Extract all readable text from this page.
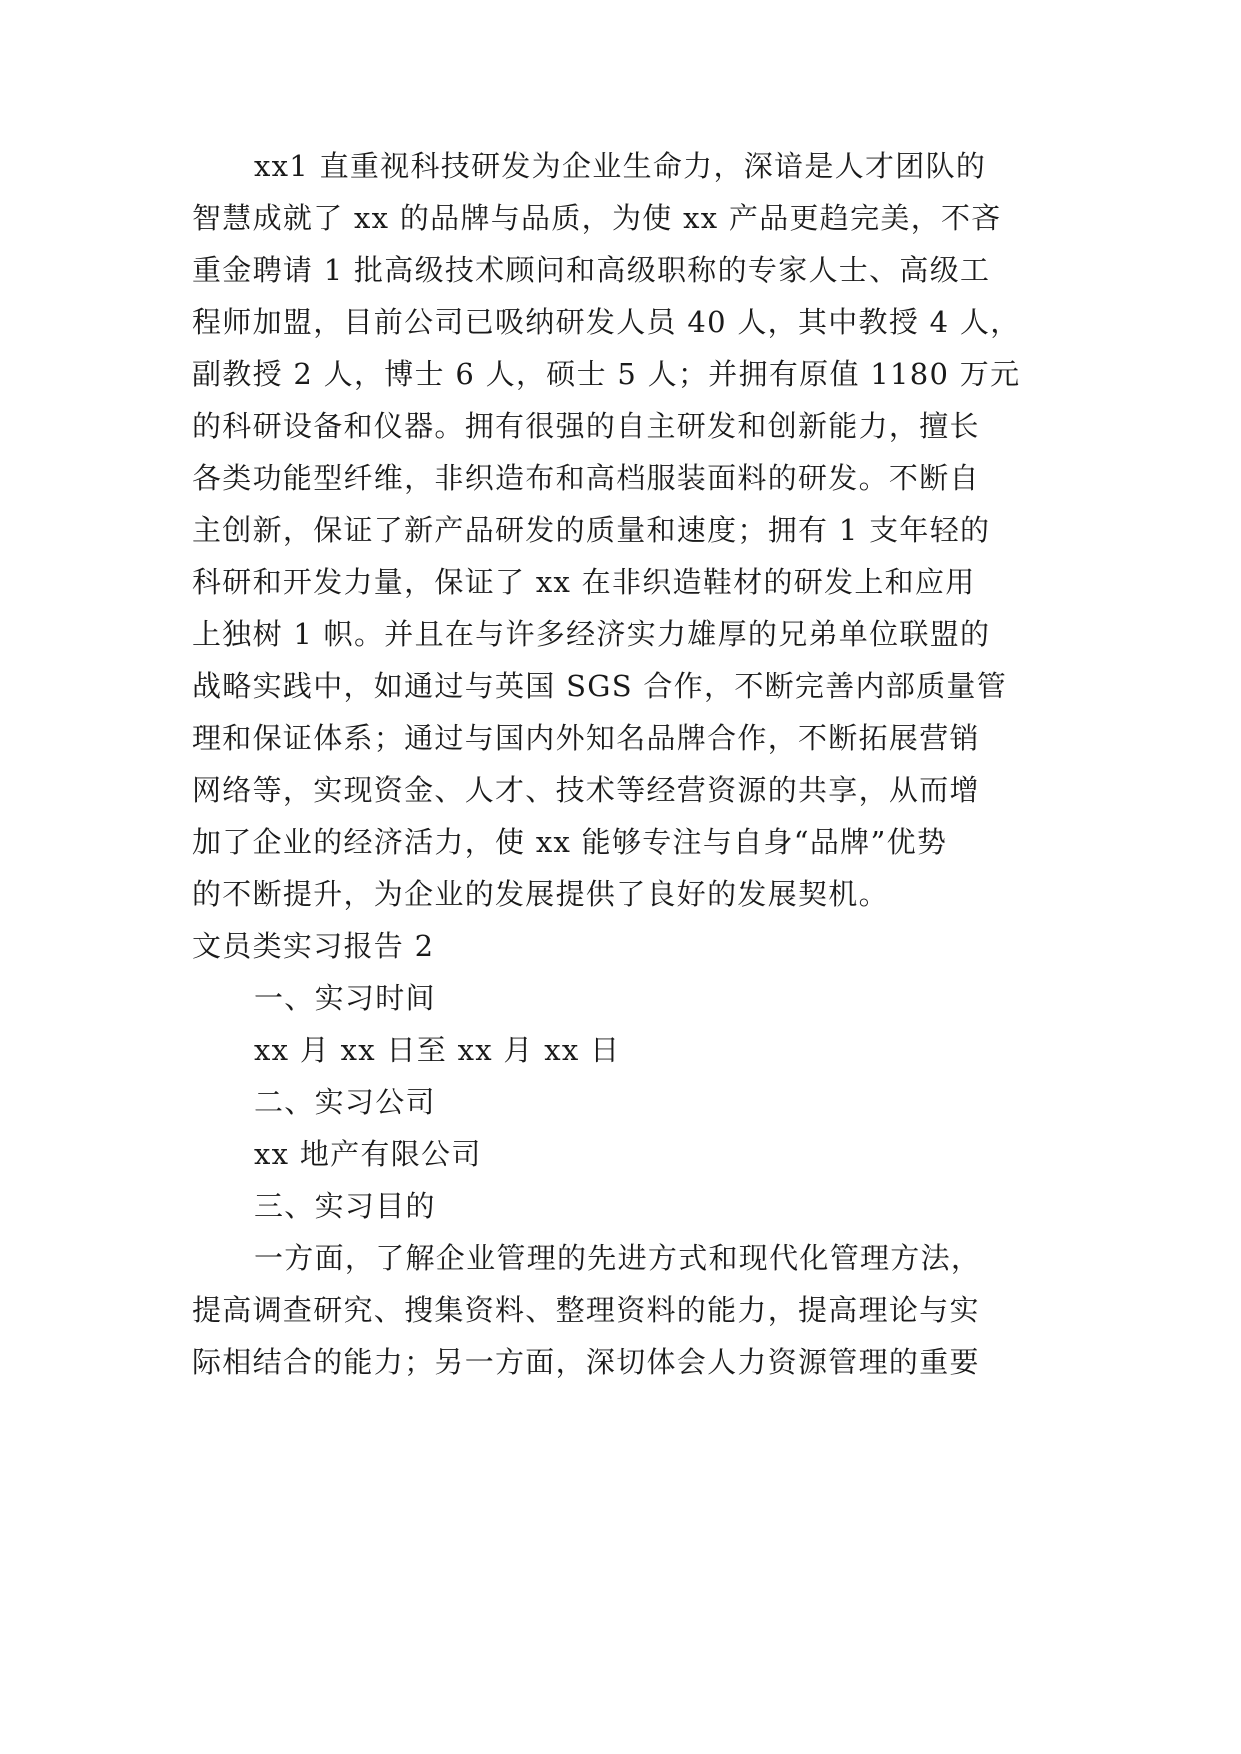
xx1 直重视科技研发为企业生命力，深谙是人才团队的
智慧成就了 xx 的品牌与品质，为使 xx 产品更趋完美，不吝
重金聘请 1 批高级技术顾问和高级职称的专家人士、高级工
程师加盟，目前公司已吸纳研发人员 40 人，其中教授 4 人，
副教授 2 人，博士 6 人，硕士 5 人；并拥有原值 1180 万元
的科研设备和仪器。拥有很强的自主研发和创新能力，擅长
各类功能型纤维，非织造布和高档服装面料的研发。不断自
主创新，保证了新产品研发的质量和速度；拥有 1 支年轻的
科研和开发力量，保证了 xx 在非织造鞋材的研发上和应用
上独树 1 帜。并且在与许多经济实力雄厚的兄弟单位联盟的
战略实践中，如通过与英国 SGS 合作，不断完善内部质量管
理和保证体系；通过与国内外知名品牌合作，不断拓展营销
网络等，实现资金、人才、技术等经营资源的共享，从而增
加了企业的经济活力，使 xx 能够专注与自身“品牌”优势
的不断提升，为企业的发展提供了良好的发展契机。
文员类实习报告 2
一、实习时间
xx 月 xx 日至 xx 月 xx 日
二、实习公司
xx 地产有限公司
三、实习目的
一方面，了解企业管理的先进方式和现代化管理方法，
提高调查研究、搜集资料、整理资料的能力，提高理论与实
际相结合的能力；另一方面，深切体会人力资源管理的重要
